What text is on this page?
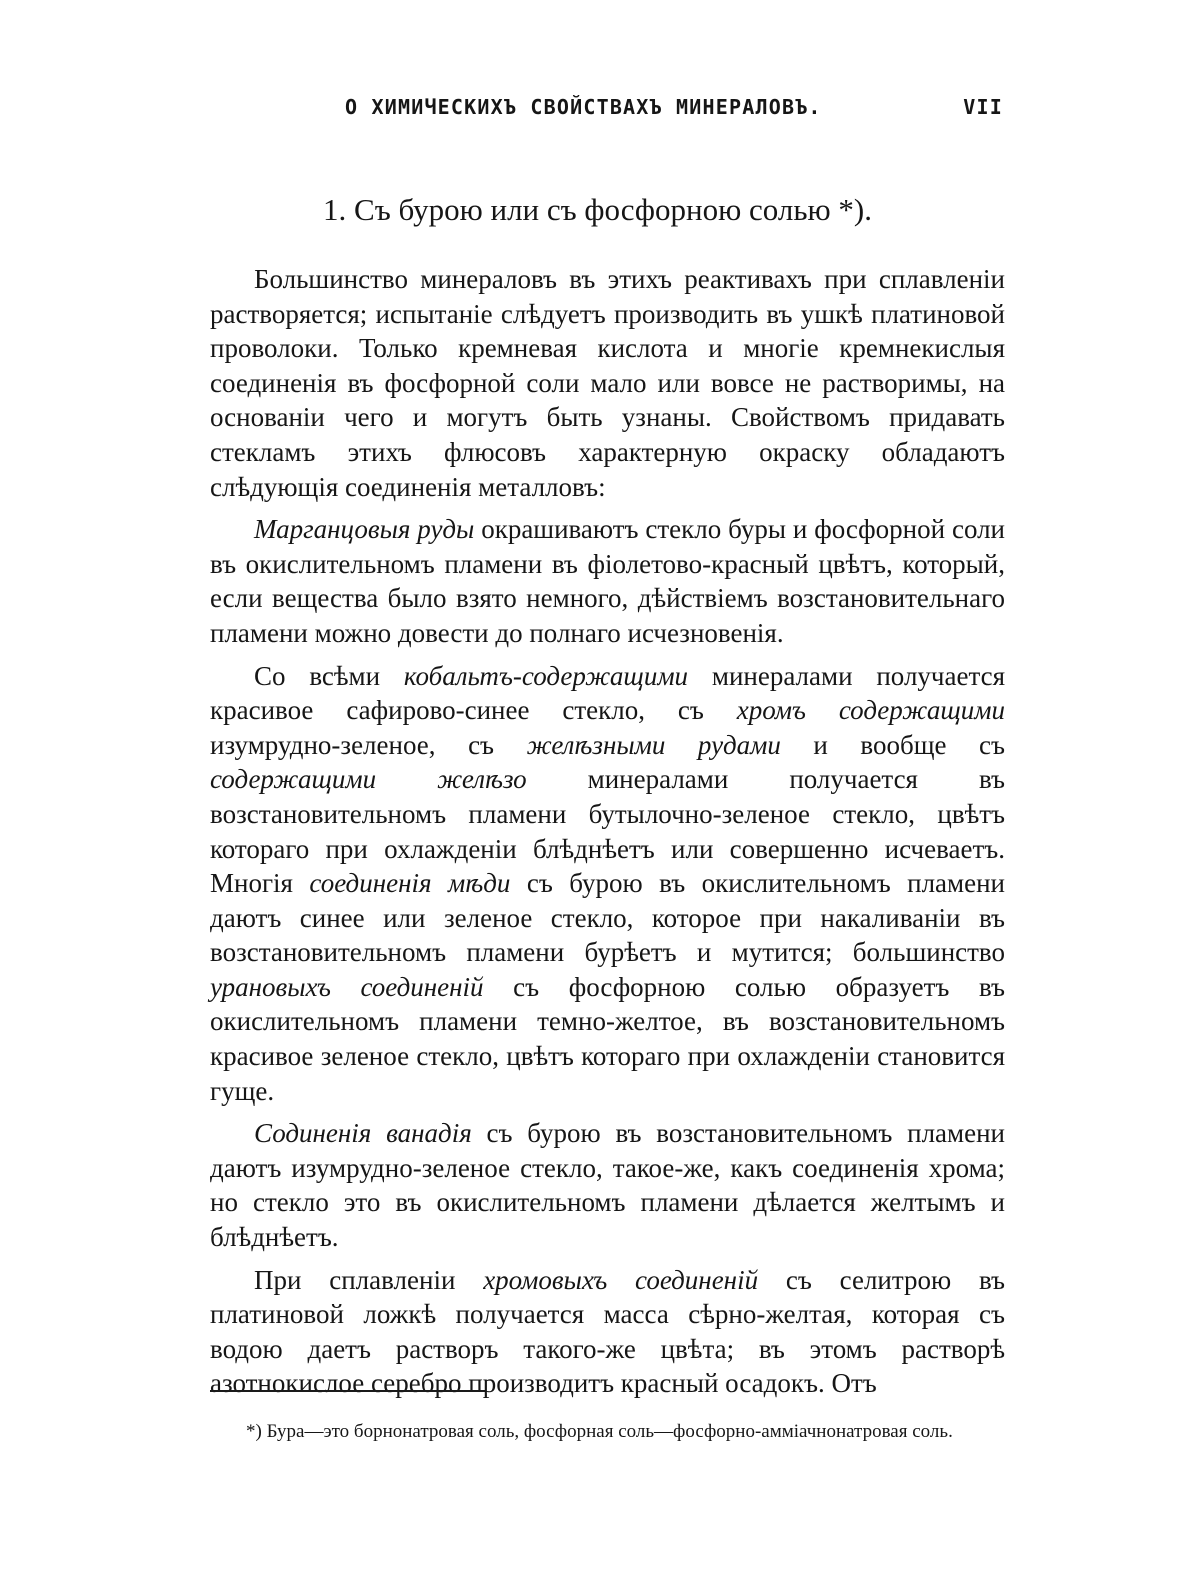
О ХИМИЧЕСКИХЪ СВОЙСТВАХЪ МИНЕРАЛОВЪ.	VII
1. Съ бурою или съ фосфорною солью *).

Большинство минераловъ въ этихъ реактивахъ при сплавленіи растворяется; испытаніе слѣдуетъ производить въ ушкѣ платиновой проволоки. Только кремневая кислота и многіе кремнекислыя соединенія въ фосфорной соли мало или вовсе не растворимы, на основаніи чего и могутъ быть узнаны. Свойствомъ придавать стекламъ этихъ флюсовъ характерную окраску обладаютъ слѣдующія соединенія металловъ:

Марганцовыя руды окрашиваютъ стекло буры и фосфорной соли въ окислительномъ пламени въ фіолетово-красный цвѣтъ, который, если вещества было взято немного, дѣйствіемъ возстановительнаго пламени можно довести до полнаго исчезновенія.

Со всѣми кобальтъ-содержащими минералами получается красивое сафирово-синее стекло, съ хромъ содержащими изумрудно-зеленое, съ желѣзными рудами и вообще съ содержащими желѣзо минералами получается въ возстановительномъ пламени бутылочно-зеленое стекло, цвѣтъ котораго при охлажденіи блѣднѣетъ или совершенно исчеваетъ. Многія соединенія мѣди съ бурою въ окислительномъ пламени даютъ синее или зеленое стекло, которое при накаливаніи въ возстановительномъ пламени бурѣетъ и мутится; большинство урановыхъ соединеній съ фосфорною солью образуетъ въ окислительномъ пламени темно-желтое, въ возстановительномъ красивое зеленое стекло, цвѣтъ котораго при охлажденіи становится гуще.

Содиненія ванадія съ бурою въ возстановительномъ пламени даютъ изумрудно-зеленое стекло, такое-же, какъ соединенія хрома; но стекло это въ окислительномъ пламени дѣлается желтымъ и блѣднѣетъ.

При сплавленіи хромовыхъ соединеній съ селитрою въ платиновой ложкѣ получается масса сѣрно-желтая, которая съ водою даетъ растворъ такого-же цвѣта; въ этомъ растворѣ азотнокислое серебро производитъ красный осадокъ. Отъ

*) Бура—это борнонатровая соль, фосфорная соль—фосфорно-амміачнонатровая соль.
